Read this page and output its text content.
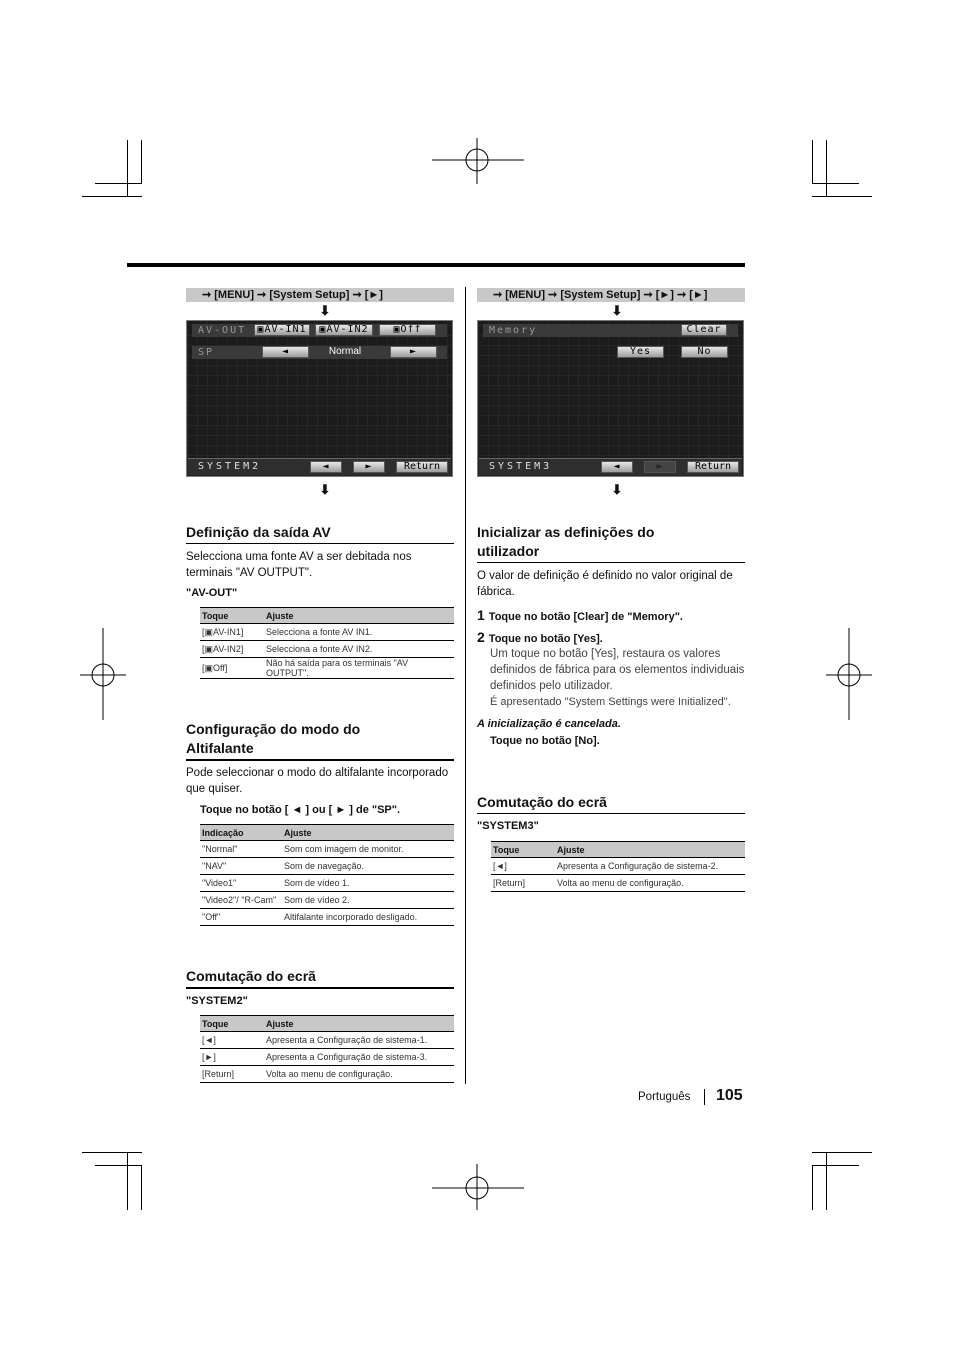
➞ [MENU] ➞ [System Setup] ➞ [►]
⬇
AV-OUT	▣AV-IN1	▣AV-IN2	▣Off
SP	◄	Normal	►
SYSTEM2	◄	►	Return
⬇
Definição da saída AV
Selecciona uma fonte AV a ser debitada nos terminais "AV OUTPUT".
"AV-OUT"
Toque	Ajuste
[▣AV-IN1]	Selecciona a fonte AV IN1.
[▣AV-IN2]	Selecciona a fonte AV IN2.
[▣Off]	Não há saída para os terminais "AV OUTPUT".
Configuração do modo do
Altifalante
Pode seleccionar o modo do altifalante incorporado que quiser.
Toque no botão [ ◄ ] ou [ ► ] de "SP".
Indicação	Ajuste
"Normal"	Som com imagem de monitor.
"NAV"	Som de navegação.
"Video1"	Som de vídeo 1.
"Video2"/ "R-Cam"	Som de vídeo 2.
"Off"	Altifalante incorporado desligado.
Comutação do ecrã
"SYSTEM2"
Toque	Ajuste
[◄]	Apresenta a Configuração de sistema-1.
[►]	Apresenta a Configuração de sistema-3.
[Return]	Volta ao menu de configuração.
➞ [MENU] ➞ [System Setup] ➞ [►] ➞ [►]
⬇
Memory	Clear
Yes	No
SYSTEM3	◄	►	Return
⬇
Inicializar as definições do
utilizador
O valor de definição é definido no valor original de fábrica.
1 Toque no botão [Clear] de "Memory".
2 Toque no botão [Yes].
Um toque no botão [Yes], restaura os valores definidos de fábrica para os elementos individuais definidos pelo utilizador.
É apresentado "System Settings were Initialized".
A inicialização é cancelada.
Toque no botão [No].
Comutação do ecrã
"SYSTEM3"
Toque	Ajuste
[◄]	Apresenta a Configuração de sistema-2.
[Return]	Volta ao menu de configuração.
Português 105
